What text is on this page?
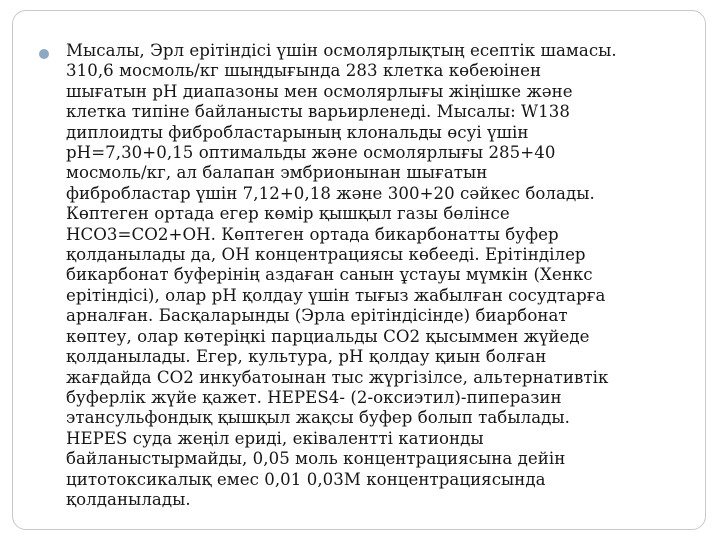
Мысалы, Эрл ерітіндісі үшін осмолярлықтың есептік шамасы.
310,6 мосмоль/кг шыңдығында 283 клетка көбеюінен
шығатын pH диапазоны мен осмолярлығы жіңішке және
клетка типіне байланысты варьирленеді. Мысалы: W138
диплоидты фибробластарының клональды өсуі үшін
pH=7,30+0,15 оптимальды және осмолярлығы 285+40
мосмоль/кг, ал балапан эмбрионынан шығатын
фибробластар үшін 7,12+0,18 және 300+20 сәйкес болады.
Көптеген ортада егер көмір қышқыл газы бөлінсе
HCO3=CO2+OH. Көптеген ортада бикарбонатты буфер
қолданылады да, OH концентрациясы көбееді. Ерітінділер
бикарбонат буферінің аздаған санын ұстауы мүмкін (Хенкс
ерітіндісі), олар pH қолдау үшін тығыз жабылған сосудтарға
арналған. Басқаларынды (Эрла ерітіндісінде) биарбонат
көптеу, олар көтеріңкі парциальды CO2 қысыммен жүйеде
қолданылады. Егер, культура, pH қолдау қиын болған
жағдайда CO2 инкубатоынан тыс жүргізілсе, альтернативтік
буферлік жүйе қажет. HEPES4- (2-оксиэтил)-пиперазин
этансульфондық қышқыл жақсы буфер болып табылады.
HEPES суда жеңіл ериді, еківаленттi катионды
байланыстырмайды, 0,05 моль концентрациясына дейін
цитотоксикалық емес 0,01 0,03М концентрациясында
қолданылады.
